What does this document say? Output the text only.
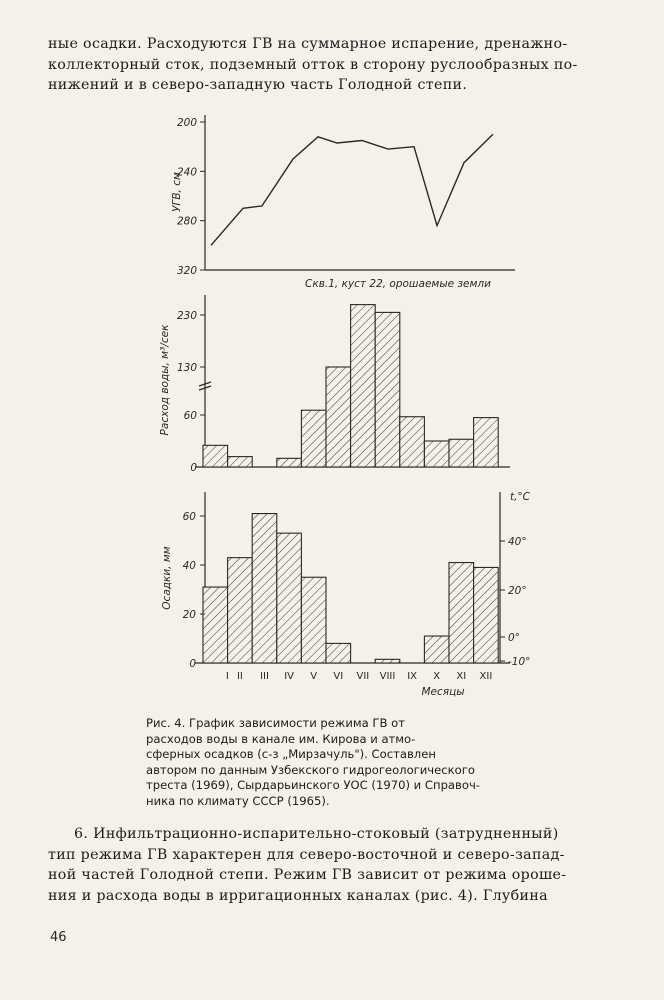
ные осадки. Расходуются ГВ на суммарное испарение, дренажно-
коллекторный сток, подземный отток в сторону руслообразных по-
нижений и в северо-западную часть Голодной степи.
200
240
280
320
УГВ, см
Скв.1, куст 22, орошаемые земли
0
60
130
230
Расход воды, м³/сек
0
20
40
60
I II III IV V VI VII VIII IX X XI XII
40°
20°
0°
-10°
Осадки, мм
Месяцы
t,°C
Рис. 4. График зависимости режима ГВ от
расходов воды в канале им. Кирова и атмо-
сферных осадков (с-з „Мирзачуль"). Составлен
автором по данным Узбекского гидрогеологического
треста (1969), Сырдарьинского УОС (1970) и Справоч-
ника по климату СССР (1965).
6. Инфильтрационно-испарительно-стоковый (затрудненный)
тип режима ГВ характерен для северо-восточной и северо-запад-
ной частей Голодной степи. Режим ГВ зависит от режима ороше-
ния и расхода воды в ирригационных каналах (рис. 4). Глубина
46
